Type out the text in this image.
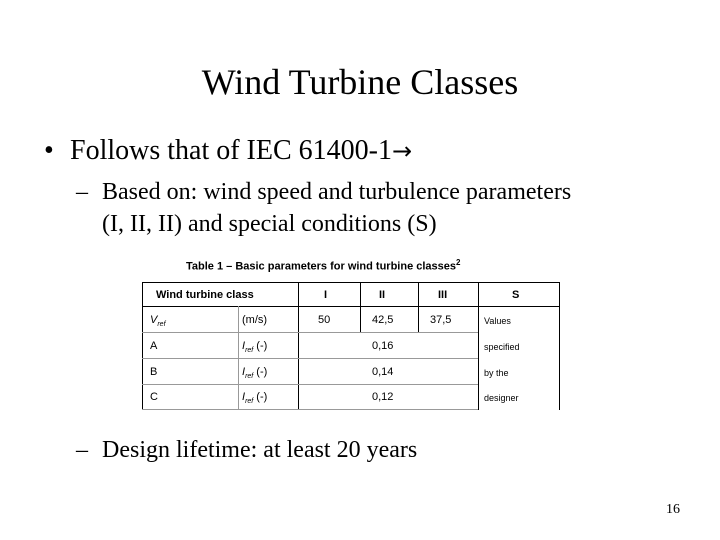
Wind Turbine Classes
• Follows that of IEC 61400-1→
– Based on: wind speed and turbulence parameters
(I, II, II) and special conditions (S)
Table 1 – Basic parameters for wind turbine classes$^2$
Wind turbine class	I	II	III	S
$V_{ref}$	(m/s)	50	42,5	37,5	Values
A	$I_{ref}$ (-)	0,16	specified
B	$I_{ref}$ (-)	0,14	by the
C	$I_{ref}$ (-)	0,12	designer
– Design lifetime: at least 20 years
16
